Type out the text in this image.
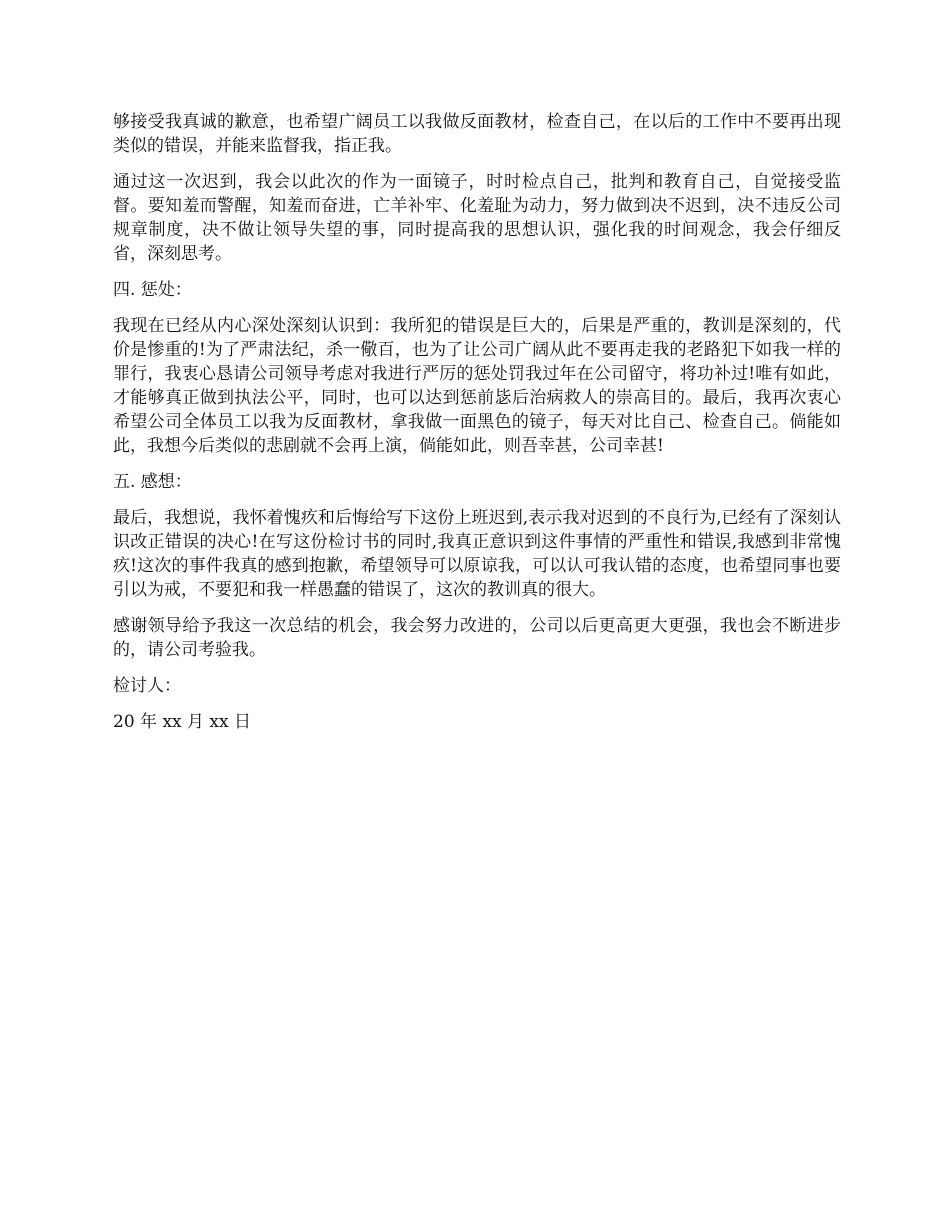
够接受我真诚的歉意，也希望广阔员工以我做反面教材，检查自己，在以后的工作中不要再出现类似的错误，并能来监督我，指正我。

通过这一次迟到，我会以此次的作为一面镜子，时时检点自己，批判和教育自己，自觉接受监督。要知羞而警醒，知羞而奋进，亡羊补牢、化羞耻为动力，努力做到决不迟到，决不违反公司规章制度，决不做让领导失望的事，同时提高我的思想认识，强化我的时间观念，我会仔细反省，深刻思考。

四. 惩处：

我现在已经从内心深处深刻认识到：我所犯的错误是巨大的，后果是严重的，教训是深刻的，代价是惨重的!为了严肃法纪，杀一儆百，也为了让公司广阔从此不要再走我的老路犯下如我一样的罪行，我衷心恳请公司领导考虑对我进行严厉的惩处罚我过年在公司留守，将功补过!唯有如此，才能够真正做到执法公平，同时，也可以达到惩前毖后治病救人的崇高目的。最后，我再次衷心希望公司全体员工以我为反面教材，拿我做一面黑色的镜子，每天对比自己、检查自己。倘能如此，我想今后类似的悲剧就不会再上演，倘能如此，则吾幸甚，公司幸甚!

五. 感想：

最后，我想说，我怀着愧疚和后悔给写下这份上班迟到,表示我对迟到的不良行为,已经有了深刻认识改正错误的决心!在写这份检讨书的同时,我真正意识到这件事情的严重性和错误,我感到非常愧疚!这次的事件我真的感到抱歉，希望领导可以原谅我，可以认可我认错的态度，也希望同事也要引以为戒，不要犯和我一样愚蠢的错误了，这次的教训真的很大。

感谢领导给予我这一次总结的机会，我会努力改进的，公司以后更高更大更强，我也会不断进步的，请公司考验我。

检讨人：

20 年 xx 月 xx 日
